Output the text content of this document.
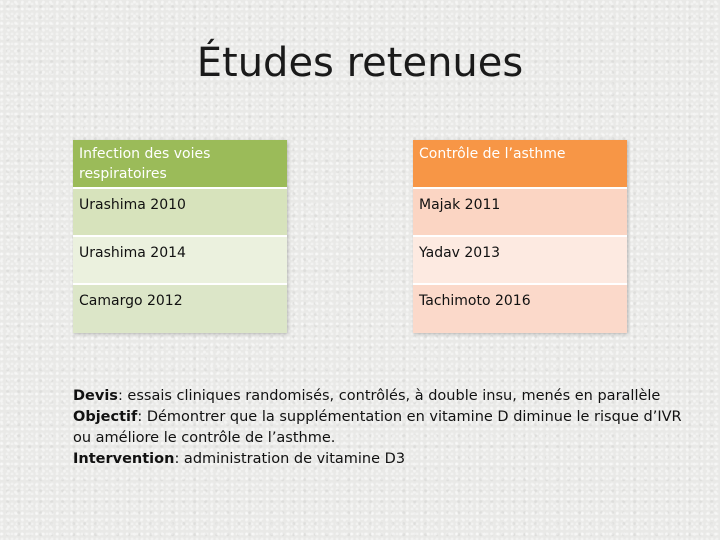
Études retenues
Infection des voies respiratoires
Urashima 2010
Urashima 2014
Camargo 2012
Contrôle de l’asthme
Majak 2011
Yadav 2013
Tachimoto 2016

Devis: essais cliniques randomisés, contrôlés, à double insu, menés en parallèle

Objectif: Démontrer que la supplémentation en vitamine D diminue le risque d’IVR ou améliore le contrôle de l’asthme.

Intervention: administration de vitamine D3
